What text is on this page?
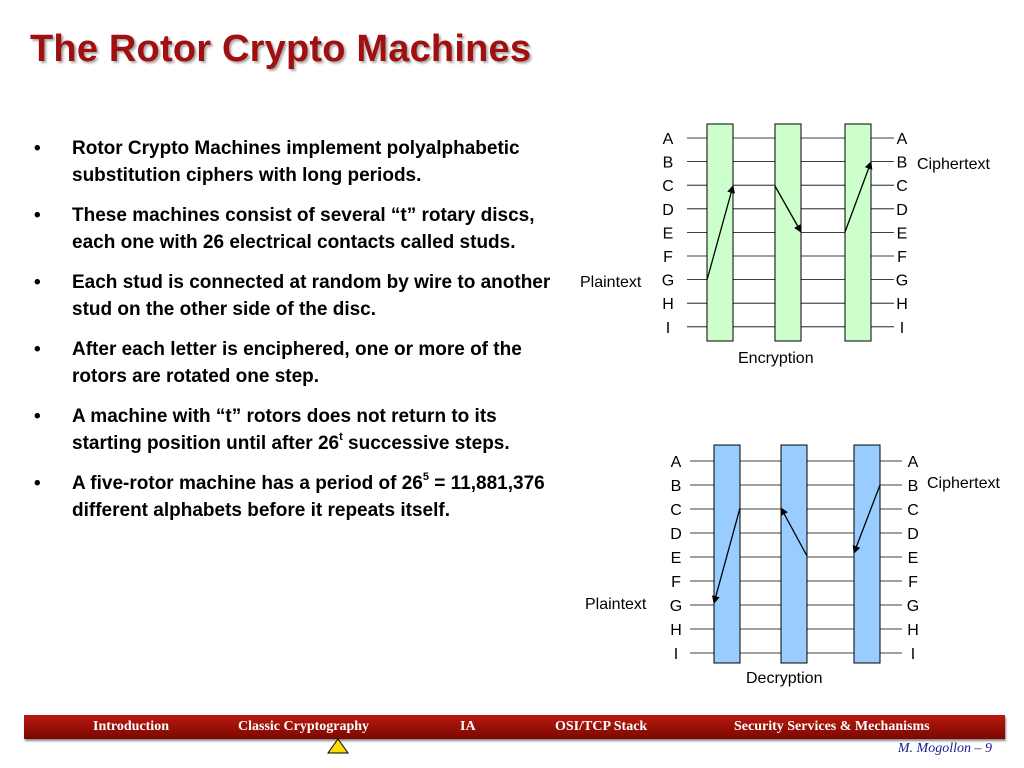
The Rotor Crypto Machines
• Rotor Crypto Machines implement polyalphabetic substitution ciphers with long periods.
• These machines consist of several “t” rotary discs, each one with 26 electrical contacts called studs.
• Each stud is connected at random by wire to another stud on the other side of the disc.
• After each letter is enciphered, one or more of the rotors are rotated one step.
• A machine with “t” rotors does not return to its starting position until after 26$^t$ successive steps.
• A five-rotor machine has a period of $26^5 = 11,881,376$ different alphabets before it repeats itself.
A
B
C
D
E
F
G
H
I
A
B
C
D
E
F
G
H
I
Plaintext
Ciphertext
Encryption
A
B
C
D
E
F
G
H
I
A
B
C
D
E
F
G
H
I
Plaintext
Ciphertext
Decryption
Introduction	Classic Cryptography	IA	OSI/TCP Stack	Security Services & Mechanisms
M. Mogollon – 9
